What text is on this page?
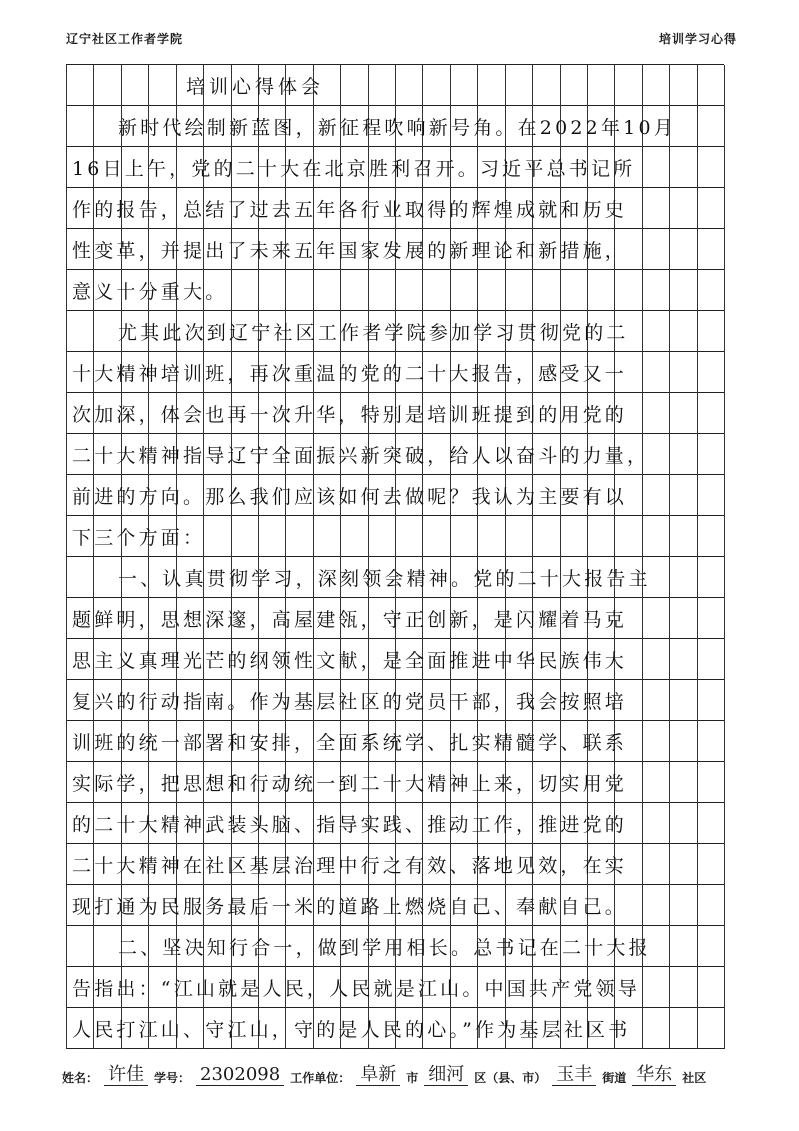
辽宁社区工作者学院	培训学习心得
培训心得体会
新时代绘制新蓝图，新征程吹响新号角。在2022年10月
16日上午，党的二十大在北京胜利召开。习近平总书记所
作的报告，总结了过去五年各行业取得的辉煌成就和历史
性变革，并提出了未来五年国家发展的新理论和新措施，
意义十分重大。
尤其此次到辽宁社区工作者学院参加学习贯彻党的二
十大精神培训班，再次重温的党的二十大报告，感受又一
次加深，体会也再一次升华，特别是培训班提到的用党的
二十大精神指导辽宁全面振兴新突破，给人以奋斗的力量，
前进的方向。那么我们应该如何去做呢？我认为主要有以
下三个方面：
一、认真贯彻学习，深刻领会精神。党的二十大报告主
题鲜明，思想深邃，高屋建瓴，守正创新，是闪耀着马克
思主义真理光芒的纲领性文献，是全面推进中华民族伟大
复兴的行动指南。作为基层社区的党员干部，我会按照培
训班的统一部署和安排，全面系统学、扎实精髓学、联系
实际学，把思想和行动统一到二十大精神上来，切实用党
的二十大精神武装头脑、指导实践、推动工作，推进党的
二十大精神在社区基层治理中行之有效、落地见效，在实
现打通为民服务最后一米的道路上燃烧自己、奉献自己。
二、坚决知行合一，做到学用相长。总书记在二十大报
告指出：“江山就是人民，人民就是江山。中国共产党领导
人民打江山、守江山，守的是人民的心。”作为基层社区书
姓名： 许佳 学号： 2302098 工作单位： 阜新 市 细河 区（县、市） 玉丰 街道 华东 社区
